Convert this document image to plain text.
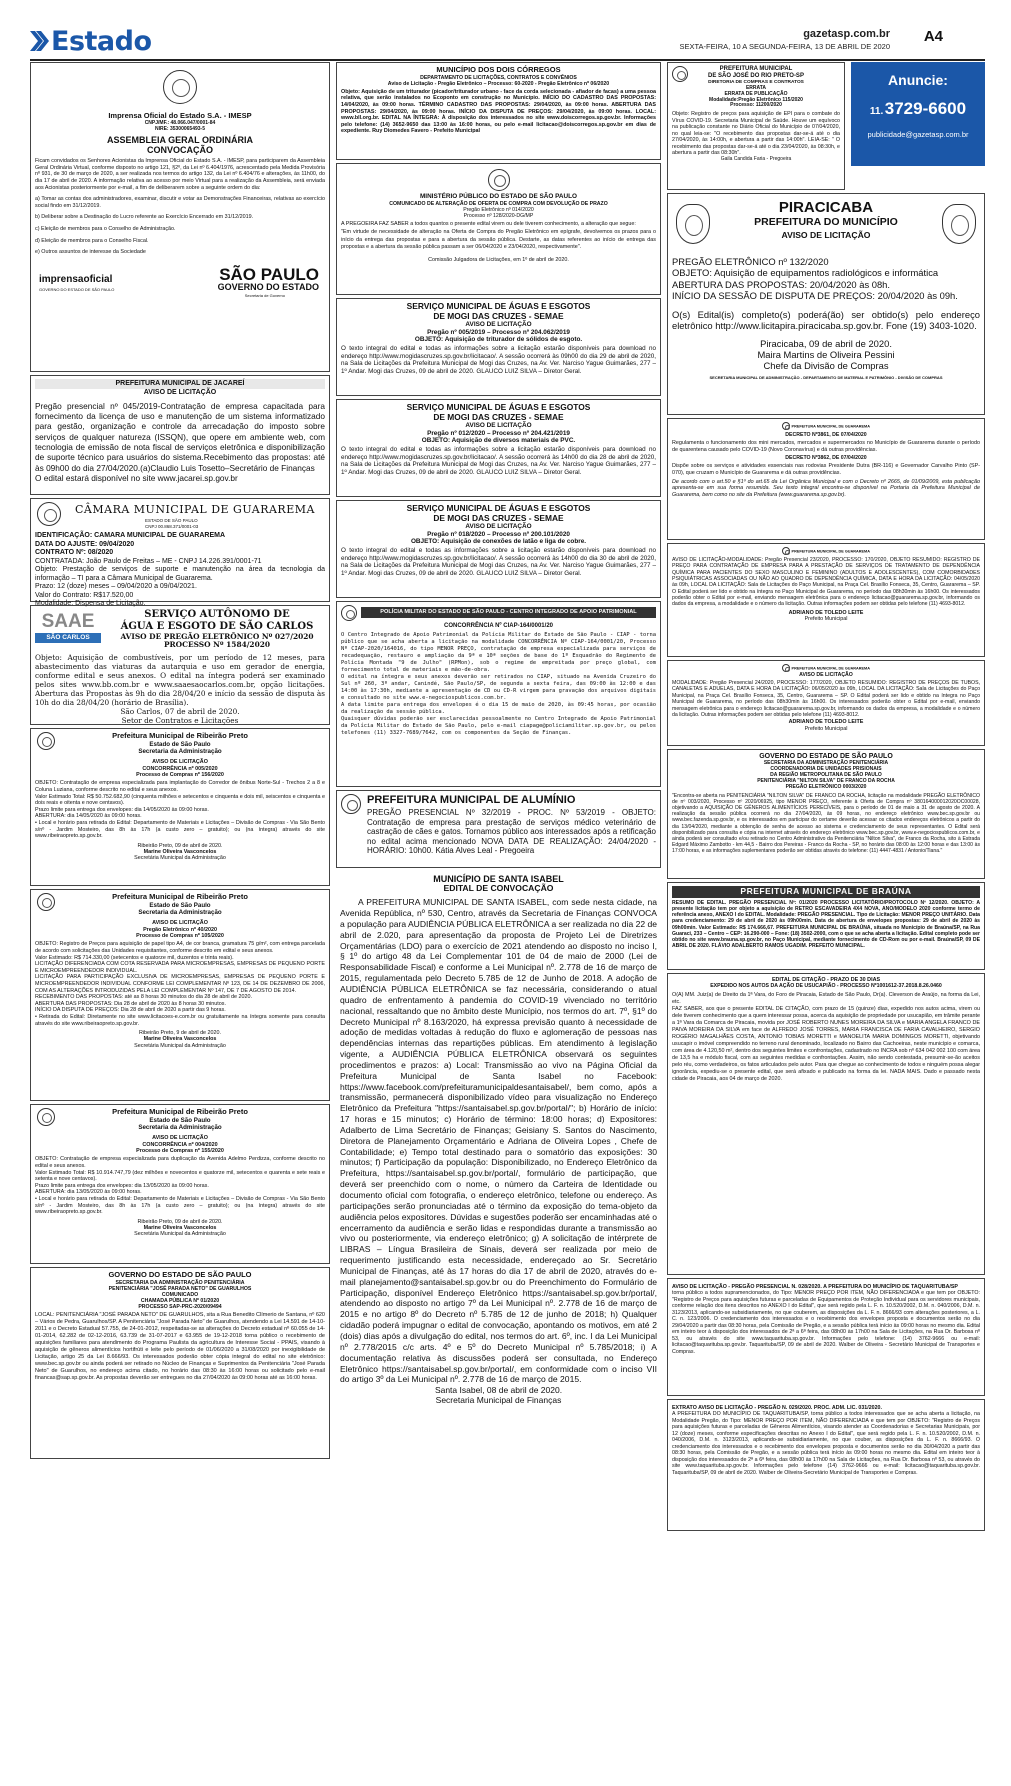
Estado	gazetasp.com.br
SEXTA-FEIRA, 10 A SEGUNDA-FEIRA, 13 DE ABRIL DE 2020
A4
Imprensa Oficial do Estado S.A. - IMESP
CNPJ/MF.: 48.066.047/0001-84
NIRE: 35300065493-5
ASSEMBLEIA GERAL ORDINÁRIA
CONVOCAÇÃO
Ficam convidados os Senhores Acionistas da Imprensa Oficial do Estado S.A. - IMESP, para participarem da Assembleia Geral Ordinária Virtual, conforme disposto no artigo 121, §2º, da Lei nº 6.404/1976, acrescentado pela Medida Provisória nº 931, de 30 de março de 2020, a ser realizada nos termos do artigo 132, da Lei nº 6.404/76 e alterações, às 11h00, do dia 17 de abril de 2020. A informação relativa ao acesso por meio Virtual para a realização da Assembleia, será enviada aos Acionistas posteriormente por e-mail, a fim de deliberarem sobre a seguinte ordem do dia:
a) Tomar as contas dos administradores, examinar, discutir e votar as Demonstrações Financeiras, relativas ao exercício social findo em 31/12/2019.
b) Deliberar sobre a Destinação do Lucro referente ao Exercício Encerrado em 31/12/2019.
c) Eleição de membros para o Conselho de Administração.
d) Eleição de membros para o Conselho Fiscal.
e) Outros assuntos de interesse da Sociedade
imprensaoficial
GOVERNO DO ESTADO DE SÃO PAULO
SÃO PAULO
GOVERNO DO ESTADO
Secretaria de Governo
PREFEITURA MUNICIPAL DE JACAREÍ
AVISO DE LICITAÇÃO
Pregão presencial nº 045/2019-Contratação de empresa capacitada para fornecimento da licença de uso e manutenção de um sistema informatizado para gestão, organização e controle da arrecadação do imposto sobre serviços de qualquer natureza (ISSQN), que opere em ambiente web, com tecnologia de emissão de nota fiscal de serviços eletrônica e disponibilização de suporte técnico para usuários do sistema.Recebimento das propostas: até às 09h00 do dia 27/04/2020.(a)Claudio Luis Tosetto–Secretário de Finanças
O edital estará disponível no site www.jacarei.sp.gov.br
CÂMARA MUNICIPAL DE GUARAREMA
ESTADO DE SÃO PAULO
CNPJ 00.868.371/0001-03
IDENTIFICAÇÃO: CAMARA MUNICIPAL DE GUARAREMA
DATA DO AJUSTE: 09/04/2020
CONTRATO Nº: 08/2020
CONTRATADA: João Paulo de Freitas – ME - CNPJ 14.226.391/0001-71
Objeto: Prestação de serviços de suporte e manutenção na área da tecnologia da informação – TI para a Câmara Municipal de Guararema.
Prazo: 12 (doze) meses – 09/04/2020 a 09/04/2021.
Valor do Contrato: R$17.520,00
Modalidade: Dispensa de Licitação.
SAAE
SÃO CARLOS
SERVIÇO AUTÔNOMO DE
ÁGUA E ESGOTO DE SÃO CARLOS
AVISO DE PREGÃO ELETRÔNICO Nº 027/2020
PROCESSO Nº 1584/2020
Objeto: Aquisição de combustíveis, por um período de 12 meses, para abastecimento das viaturas da autarquia e uso em gerador de energia, conforme edital e seus anexos. O edital na íntegra poderá ser examinado pelos sites www.bb.com.br e www.saaesaocarlos.com.br, opção licitações. Abertura das Propostas às 9h do dia 28/04/20 e início da sessão de disputa às 10h do dia 28/04/20 (horário de Brasília).
São Carlos, 07 de abril de 2020.
Setor de Contratos e Licitações
Prefeitura Municipal de Ribeirão Preto
Estado de São Paulo
Secretaria da Administração
AVISO DE LICITAÇÃO
CONCORRÊNCIA nº 005/2020
Processo de Compras nº 156/2020
OBJETO: Contratação de empresa especializada para implantação do Corredor de ônibus Norte-Sul - Trechos 2 a 8 e Coluna Luziana, conforme descrito no edital e seus anexos.
Valor Estimado Total: R$ 50.752.682,90 (cinquenta milhões e setecentos e cinquenta e dois mil, seiscentos e cinquenta e dois reais e oitenta e nove centavos).
Prazo limite para entrega dos envelopes: dia 14/05/2020 às 09:00 horas.
ABERTURA: dia 14/05/2020 às 09:00 horas.
• Local e horário para retirada do Edital: Departamento de Materiais e Licitações – Divisão de Compras - Via São Bento s/nº - Jardim Mosteiro, das 8h às 17h (a custo zero – gratuito); ou (na íntegra) através do site www.ribeiraopreto.sp.gov.br.
Ribeirão Preto, 09 de abril de 2020.
Marine Oliveira Vasconcelos
Secretária Municipal da Administração
Prefeitura Municipal de Ribeirão Preto
Estado de São Paulo
Secretaria da Administração
AVISO DE LICITAÇÃO
Pregão Eletrônico nº 40/2020
Processo de Compras nº 105/2020
OBJETO: Registro de Preços para aquisição de papel tipo A4, de cor branca, gramatura 75 g/m², com entrega parcelada de acordo com solicitações das Unidades requisitantes, conforme descrito em edital e seus anexos.
Valor Estimado: R$ 714.330,00 (setecentos e quatorze mil, duzentos e trinta reais).
LICITAÇÃO DIFERENCIADA COM COTA RESERVADA PARA MICROEMPRESAS, EMPRESAS DE PEQUENO PORTE E MICROEMPREENDEDOR INDIVIDUAL.
LICITAÇÃO PARA PARTICIPAÇÃO EXCLUSIVA DE MICROEMPRESAS, EMPRESAS DE PEQUENO PORTE E MICROEMPREENDEDOR INDIVIDUAL CONFORME LEI COMPLEMENTAR Nº 123, DE 14 DE DEZEMBRO DE 2006, COM AS ALTERAÇÕES INTRODUZIDAS PELA LEI COMPLEMENTAR Nº 147, DE 7 DE AGOSTO DE 2014.
RECEBIMENTO DAS PROPOSTAS: até as 8 horas 30 minutos do dia 28 de abril de 2020.
ABERTURA DAS PROPOSTAS: Dia 28 de abril de 2020 às 8 horas 30 minutos.
INÍCIO DA DISPUTA DE PREÇOS: Dia 28 de abril de 2020 a partir das 9 horas.
• Retirada do Edital: Diretamente no site www.licitacoes-e.com.br ou gratuitamente na íntegra somente para consulta através do site www.ribeiraopreto.sp.gov.br.
Ribeirão Preto, 9 de abril de 2020.
Marine Oliveira Vasconcelos
Secretária Municipal da Administração
Prefeitura Municipal de Ribeirão Preto
Estado de São Paulo
Secretaria da Administração
AVISO DE LICITAÇÃO
CONCORRÊNCIA nº 004/2020
Processo de Compras nº 155/2020
OBJETO: Contratação de empresa especializada para duplicação da Avenida Adelmo Perdizza, conforme descrito no edital e seus anexos.
Valor Estimado Total: R$ 10.914.747,79 (dez milhões e novecentos e quatorze mil, setecentos e quarenta e sete reais e setenta e nove centavos).
Prazo limite para entrega dos envelopes: dia 13/05/2020 às 09:00 horas.
ABERTURA: dia 13/05/2020 às 09:00 horas.
• Local e horário para retirada do Edital: Departamento de Materiais e Licitações – Divisão de Compras - Via São Bento s/nº - Jardim Mosteiro, das 8h às 17h (a custo zero – gratuito); ou (na íntegra) através do site www.ribeiraopreto.sp.gov.br.
Ribeirão Preto, 09 de abril de 2020.
Marine Oliveira Vasconcelos
Secretária Municipal da Administração
GOVERNO DO ESTADO DE SÃO PAULO
SECRETARIA DA ADMINISTRAÇÃO PENITENCIÁRIA
PENITENCIÁRIA "JOSÉ PARADA NETO" DE GUARULHOS
COMUNICADO
CHAMADA PÚBLICA Nº 01/2020
PROCESSO SAP-PRC-2020/09494
LOCAL: PENITENCIÁRIA "JOSÉ PARADA NETO" DE GUARULHOS, sita a Rua Benedito Clímerio de Santana, nº 620 – Vários de Pedra, Guarulhos/SP. A Penitenciária "José Parada Neto" de Guarulhos, atendendo a Lei 14.591 de 14-10-2011 e o Decreto Estadual 57.755, de 24-01-2012, respeitadas-se as alterações do Decreto estadual nº 60.055 de 14-01-2014, 62.282 de 02-12-2016, 63.739 de 31-07-2017 e 63.955 de 19-12-2018 torna público o recebimento de aquisições familiares para atendimento do Programa Paulista da agricultura de Interesse Social - PPAIS, visando à aquisição de gêneros alimentícios hortifrúti e leite pelo período de 01/06/2020 a 31/08/2020 por inexigibilidade de Licitação, artigo 25 da Lei 8.666/93. Os interessados poderão obter cópia integral do edital no site eletrônico: www.bec.sp.gov.br ou ainda poderá ser retirado no Núcleo de Finanças e Suprimentos da Penitenciária "José Parada Neto" de Guarulhos, no endereço acima citado, no horário das 08:30 às 16:00 horas ou solicitado pelo e-mail financas@sap.sp.gov.br. As propostas deverão ser entregues no dia 27/04/2020 às 09:00 horas até as 16:00 horas.
MUNICÍPIO DOS DOIS CÓRREGOS
DEPARTAMENTO DE LICITAÇÕES, CONTRATOS E CONVÊNIOS
Aviso de Licitação - Pregão Eletrônico – Processo: 60-2020 - Pregão Eletrônico nº 06/2020
Objeto: Aquisição de um triturador (picador/triturador urbano - face da corda selecionada - afiador de facas) a uma pessoa relativa, que serão instalados no Ecoponto em construção no Município. INÍCIO DO CADASTRO DAS PROPOSTAS: 14/04/2020, às 09:00 horas. TÉRMINO CADASTRO DAS PROPOSTAS: 29/04/2020, às 09:00 horas. ABERTURA DAS PROPOSTAS: 29/04/2020, às 09:00 horas. INÍCIO DA DISPUTA DE PREÇOS: 29/04/2020, às 09:00 horas. LOCAL: www.bll.org.br. EDITAL NA ÍNTEGRA: À disposição dos interessados no site www.doiscorregos.sp.gov.br. Informações pelo telefone: (14) 3652-9650 das 13:00 às 16:00 horas, ou pelo e-mail licitacao@doiscorregos.sp.gov.br em dias de expediente. Ruy Diomedes Favero - Prefeito Municipal
MINISTÉRIO PÚBLICO DO ESTADO DE SÃO PAULO
COMUNICADO DE ALTERAÇÃO DE OFERTA DE COMPRA COM DEVOLUÇÃO DE PRAZO
Pregão Eletrônico nº 014/2020
Processo nº 128/2020-DG/MP
A PREGOEIRA FAZ SABER a todos quantos o presente edital virem ou dele tiverem conhecimento, a alteração que segue:
"Em virtude de necessidade de alteração na Oferta de Compra do Pregão Eletrônico em epígrafe, devolvemos os prazos para o início da entrega das propostas e para a abertura da sessão pública. Destarte, as datas referentes ao início de entrega das propostas e a abertura da sessão pública passam a ser 06/04/2020 e 23/04/2020, respectivamente".
Comissão Julgadora de Licitações, em 1º de abril de 2020.
SERVIÇO MUNICIPAL DE ÁGUAS E ESGOTOS
DE MOGI DAS CRUZES - SEMAE
AVISO DE LICITAÇÃO
Pregão nº 005/2019 – Processo nº 204.062/2019
OBJETO: Aquisição de triturador de sólidos de esgoto.
O texto integral do edital e todas as informações sobre a licitação estarão disponíveis para download no endereço http://www.mogidascruzes.sp.gov.br/licitacao/. A sessão ocorrerá às 09h00 do dia 29 de abril de 2020, na Sala de Licitações da Prefeitura Municipal de Mogi das Cruzes, na Av. Ver. Narciso Yague Guimarães, 277 – 1º Andar. Mogi das Cruzes, 09 de abril de 2020. GLAUCO LUIZ SILVA – Diretor Geral.
SERVIÇO MUNICIPAL DE ÁGUAS E ESGOTOS
DE MOGI DAS CRUZES - SEMAE
AVISO DE LICITAÇÃO
Pregão nº 012/2020 – Processo nº 204.421/2019
OBJETO: Aquisição de diversos materiais de PVC.
O texto integral do edital e todas as informações sobre a licitação estarão disponíveis para download no endereço http://www.mogidascruzes.sp.gov.br/licitacao/. A sessão ocorrerá às 14h00 do dia 28 de abril de 2020, na Sala de Licitações da Prefeitura Municipal de Mogi das Cruzes, na Av. Ver. Narciso Yague Guimarães, 277 – 1º Andar. Mogi das Cruzes, 09 de abril de 2020. GLAUCO LUIZ SILVA – Diretor Geral.
SERVIÇO MUNICIPAL DE ÁGUAS E ESGOTOS
DE MOGI DAS CRUZES - SEMAE
AVISO DE LICITAÇÃO
Pregão nº 018/2020 – Processo nº 200.101/2020
OBJETO: Aquisição de conexões de latão e liga de cobre.
O texto integral do edital e todas as informações sobre a licitação estarão disponíveis para download no endereço http://www.mogidascruzes.sp.gov.br/licitacao/. A sessão ocorrerá às 14h00 do dia 30 de abril de 2020, na Sala de Licitações da Prefeitura Municipal de Mogi das Cruzes, na Av. Ver. Narciso Yague Guimarães, 277 – 1º Andar. Mogi das Cruzes, 09 de abril de 2020. GLAUCO LUIZ SILVA – Diretor Geral.
POLÍCIA MILITAR DO ESTADO DE SÃO PAULO - CENTRO INTEGRADO DE APOIO PATRIMONIAL
CONCORRÊNCIA Nº CIAP-164/0001/20
O Centro Integrado de Apoio Patrimonial da Polícia Militar do Estado de São Paulo - CIAP - torna público que se acha aberta a licitação na modalidade CONCORRÊNCIA Nº CIAP-164/0001/20, Processo Nº CIAP-2020/164016, do tipo MENOR PREÇO, contratação de empresa especializada para serviços de recadequação, restauro e ampliação da 9ª e 10ª seções de base do 1º Esquadrão do Regimento de Polícia Montada "9 de Julho" (RPMon), sob o regime de empreitada por preço global, com fornecimento total de materiais e mão-de-obra.
O edital na íntegra e seus anexos deverão ser retirados no CIAP, situado na Avenida Cruzeiro do Sul nº 260, 3º andar, Canindé, São Paulo/SP, de segunda a sexta feira, das 09:00 às 12:00 e das 14:00 às 17:30h, mediante a apresentação de CD ou CD-R virgem para gravação dos arquivos digitais e consultado no site www.e-negociospublicos.com.br.
A data limite para entrega dos envelopes é o dia 15 de maio de 2020, às 09:45 horas, por ocasião da realização da sessão pública.
Quaisquer dúvidas poderão ser esclarecidas pessoalmente no Centro Integrado de Apoio Patrimonial da Polícia Militar do Estado de São Paulo, pelo e-mail ciapage@policiamilitar.sp.gov.br, ou pelos telefones (11) 3327-7689/7642, com os componentes da Seção de Finanças.
PREFEITURA MUNICIPAL DE ALUMÍNIO
PREGÃO PRESENCIAL Nº 32/2019 - PROC. Nº 53/2019 - OBJETO: Contratação de empresa para prestação de serviços médico veterinário de castração de cães e gatos. Tornamos público aos interessados após a retificação no edital acima mencionado NOVA DATA DE REALIZAÇÃO: 24/04/2020 - HORÁRIO: 10h00. Kátia Alves Leal - Pregoeira
MUNICÍPIO DE SANTA ISABEL
EDITAL DE CONVOCAÇÃO
A PREFEITURA MUNICIPAL DE SANTA ISABEL, com sede nesta cidade, na Avenida República, nº 530, Centro, através da Secretaria de Finanças CONVOCA a população para AUDIÊNCIA PÚBLICA ELETRÔNICA a ser realizada no dia 22 de abril de 2.020, para apresentação da proposta de Projeto Lei de Diretrizes Orçamentárias (LDO) para o exercício de 2021 atendendo ao disposto no inciso I, § 1º do artigo 48 da Lei Complementar 101 de 04 de maio de 2000 (Lei de Responsabilidade Fiscal) e conforme a Lei Municipal nº. 2.778 de 16 de março de 2015, regulamentada pelo Decreto 5.785 de 12 de Junho de 2018. A adoção de AUDIÊNCIA PÚBLICA ELETRÔNICA se faz necessária, considerando o atual quadro de enfrentamento à pandemia do COVID-19 vivenciado no território nacional, ressaltando que no âmbito deste Município, nos termos do art. 7º, §1º do Decreto Municipal nº 8.163/2020, há expressa previsão quanto à necessidade de adoção de medidas voltadas à redução do fluxo e aglomeração de pessoas nas dependências internas das repartições públicas. Em atendimento à legislação vigente, a AUDIÊNCIA PÚBLICA ELETRÔNICA observará os seguintes procedimentos e prazos: a) Local: Transmissão ao vivo na Página Oficial da Prefeitura Municipal de Santa Isabel no Facebook: https://www.facebook.com/prefeituramunicipaldesantaisabel/, bem como, após a transmissão, permanecerá disponibilizado vídeo para visualização no Endereço Eletrônico da Prefeitura "https://santaisabel.sp.gov.br/portal/"; b) Horário de início: 17 horas e 15 minutos; c) Horário de término: 18:00 horas; d) Expositores: Adalberto de Lima Secretário de Finanças; Geisiany S. Santos do Nascimento, Diretora de Planejamento Orçamentário e Adriana de Oliveira Lopes , Chefe de Contabilidade; e) Tempo total destinado para o somatório das exposições: 30 minutos; f) Participação da população: Disponibilizado, no Endereço Eletrônico da Prefeitura, https://santaisabel.sp.gov.br/portal/, formulário de participação, que deverá ser preenchido com o nome, o número da Carteira de Identidade ou documento oficial com fotografia, o endereço eletrônico, telefone ou endereço. As participações serão pronunciadas até o término da exposição do tema-objeto da audiência pelos expositores. Dúvidas e sugestões poderão ser encaminhadas até o encerramento da audiência e serão lidas e respondidas durante a transmissão ao vivo ou posteriormente, via endereço eletrônico; g) A solicitação de intérprete de LIBRAS – Língua Brasileira de Sinais, deverá ser realizada por meio de requerimento justificando esta necessidade, endereçado ao Sr. Secretário Municipal de Finanças, até às 17 horas do dia 17 de abril de 2020, através do e-mail planejamento@santaisabel.sp.gov.br ou do Preenchimento do Formulário de Participação, disponível Endereço Eletrônico https://santaisabel.sp.gov.br/portal/, atendendo ao disposto no artigo 7º da Lei Municipal nº. 2.778 de 16 de março de 2015 e no artigo 8º do Decreto nº 5.785 de 12 de junho de 2018; h) Qualquer cidadão poderá impugnar o edital de convocação, apontando os motivos, em até 2 (dois) dias após a divulgação do edital, nos termos do art. 6º, inc. I da Lei Municipal nº 2.778/2015 c/c arts. 4º e 5º do Decreto Municipal nº 5.785/2018; i) A documentação relativa às discussões poderá ser consultada, no Endereço Eletrônico https://santaisabel.sp.gov.br/portal/, em conformidade com o inciso VII do artigo 3º da Lei Municipal nº. 2.778 de 16 de março de 2015.
Santa Isabel, 08 de abril de 2020.
Secretaria Municipal de Finanças
PREFEITURA MUNICIPAL
DE SÃO JOSÉ DO RIO PRETO-SP
DIRETORIA DE COMPRAS E CONTRATOS
ERRATA
ERRATA DE PUBLICAÇÃO
Modalidade:Pregão Eletrônico 115/2020
Processo: 11200/2020
Objeto: Registro de preços para aquisição de EPI para o combate do Vírus COVID-19. Secretaria Municipal de Saúde. Houve um equívoco na publicação constante no Diário Oficial do Município de 07/04/2020, no qual leia-se: "O recebimento das propostas dar-se-á até o dia 27/04/2020, às 14:00h, e abertura a partir das 14:00h". LEIA-SE: " O recebimento das propostas dar-se-á até o dia 23/04/2020, às 08:30h, e abertura a partir das 08:30h".
Gaila Candida Faria - Pregoeira
Anuncie:
11. 3729-6600
publicidade@gazetasp.com.br
PIRACICABA
PREFEITURA DO MUNICÍPIO
AVISO DE LICITAÇÃO
PREGÃO ELETRÔNICO nº 132/2020
OBJETO: Aquisição de equipamentos radiológicos e informática
ABERTURA DAS PROPOSTAS: 20/04/2020 às 08h.
INÍCIO DA SESSÃO DE DISPUTA DE PREÇOS: 20/04/2020 às 09h.
O(s) Edital(is) completo(s) poderá(ão) ser obtido(s) pelo endereço eletrônico http://www.licitapira.piracicaba.sp.gov.br. Fone (19) 3403-1020.
Piracicaba, 09 de abril de 2020.
Maira Martins de Oliveira Pessini
Chefe da Divisão de Compras
SECRETARIA MUNICIPAL DE ADMINISTRAÇÃO - DEPARTAMENTO DE MATERIAL E PATRIMÔNIO - DIVISÃO DE COMPRAS
PREFEITURA MUNICIPAL DE GUARAREMA
DECRETO Nº3861, DE 07/04/2020
Regulamenta o funcionamento dos mini mercados, mercados e supermercados no Município de Guararema durante o período de quarentena causado pelo COVID-19 (Novo Coronavírus) e dá outras providências.
DECRETO Nº3862, DE 07/04/2020
Dispõe sobre os serviços e atividades essenciais nas rodovias Presidente Dutra (BR-116) e Governador Carvalho Pinto (SP-070), que cruzam o Município de Guararema e dá outras providências.
De acordo com o art.50 e §1º do art.65 da Lei Orgânica Municipal e com o Decreto nº 2665, de 01/09/2009, esta publicação apresenta-se em sua forma resumida. Seu texto integral encontra-se disponível na Portaria da Prefeitura Municipal de Guararema, bem como no site da Prefeitura (www.guararema.sp.gov.br).
PREFEITURA MUNICIPAL DE GUARAREMA
AVISO DE LICITAÇÃO-MODALIDADE: Pregão Presencial 23/2020, PROCESSO: 170/2020, OBJETO RESUMIDO: REGISTRO DE PREÇO PARA CONTRATAÇÃO DE EMPRESA PARA A PRESTAÇÃO DE SERVIÇOS DE TRATAMENTO DE DEPENDÊNCIA QUÍMICA PARA PACIENTES DO SEXO MASCULINO E FEMININO (ADULTOS E ADOLESCENTES), COM COMORBIDADES PSIQUIÁTRICAS ASSOCIADAS OU NÃO AO QUADRO DE DEPENDÊNCIA QUÍMICA, DATA E HORA DA LICITAÇÃO: 04/05/2020 às 09h, LOCAL DA LICITAÇÃO: Sala de Licitações do Paço Municipal, na Praça Cel. Brasílio Fonseca, 35, Centro, Guararema – SP. O Edital poderá ser lido e obtido na íntegra no Paço Municipal de Guararema, no período das 08h30min às 16h00. Os interessados poderão obter o Edital por e-mail, enviando mensagem eletrônica para o endereço licitacao@guararema.sp.gov.br, informando os dados da empresa, a modalidade e o número da licitação. Outras informações podem ser obtidas pelo telefone (11) 4693-8012.
ADRIANO DE TOLEDO LEITE
Prefeito Municipal
PREFEITURA MUNICIPAL DE GUARAREMA
AVISO DE LICITAÇÃO
MODALIDADE: Pregão Presencial 24/2020, PROCESSO: 177/2020, OBJETO RESUMIDO: REGISTRO DE PREÇOS DE TUBOS, CANALETAS E ADUELAS, DATA E HORA DA LICITAÇÃO: 06/05/2020 às 09h, LOCAL DA LICITAÇÃO: Sala de Licitações do Paço Municipal, na Praça Cel. Brasílio Fonseca, 35, Centro, Guararema – SP. O Edital poderá ser lido e obtido na íntegra no Paço Municipal de Guararema, no período das 08h30min às 16h00. Os interessados poderão obter o Edital por e-mail, enviando mensagem eletrônica para o endereço licitacao@guararema.sp.gov.br, informando os dados da empresa, a modalidade e o número da licitação. Outras informações podem ser obtidas pelo telefone (11) 4693-8012.
ADRIANO DE TOLEDO LEITE
Prefeito Municipal
GOVERNO DO ESTADO DE SÃO PAULO
SECRETARIA DA ADMINISTRAÇÃO PENITENCIÁRIA
COORDENADORIA DE UNIDADES PRISIONAIS
DA REGIÃO METROPOLITANA DE SÃO PAULO
PENITENCIÁRIA "NILTON SILVA" DE FRANCO DA ROCHA
PREGÃO ELETRÔNICO 0003/2020
"Encontra-se aberta na PENITENCIÁRIA "NILTON SILVA" DE FRANCO DA ROCHA, licitação na modalidade PREGÃO ELETRÔNICO de nº 003/2020, Processo nº 2020/06925, tipo MENOR PREÇO, referente à Oferta de Compra nº 380164000012020OC00028, objetivando a AQUISIÇÃO DE GÊNEROS ALIMENTÍCIOS PERECÍVEIS, para o período de 01 de maio a 31 de agosto de 2020. A realização da sessão pública ocorrerá no dia 27/04/2020, às 09 horas, no endereço eletrônico www.bec.sp.gov.br ou www.bec.fazenda.sp.gov.br, e os interessados em participar do certame deverão acessar os citados endereços eletrônicos a partir do dia 13/04/2020, mediante a obtenção de senha de acesso ao sistema e credenciamento de seus representantes. O Edital será disponibilizado para consulta e cópia na internet através do endereço eletrônico www.bec.sp.gov.br, www.e-negociospublicos.com.br, e ainda poderá ser consultado e/ou retirado no Centro Administrativo da Penitenciária "Nilton Silva", de Franco da Rocha, sito à Estrada Edgard Máximo Zambotto - km 44,5 - Bairro dos Pereiras - Franco da Rocha - SP, no horário das 08:00 às 12:00 horas e das 13:00 às 17:00 horas, e as informações suplementares poderão ser obtidas através do telefone: (11) 4447-4831 / Antonio/Tiana."
PREFEITURA MUNICIPAL DE BRAÚNA
RESUMO DE EDITAL. PREGÃO PRESENCIAL Nº: 01/2020 PROCESSO LICITATÓRIO/PROTOCOLO Nº 12/2020. OBJETO: A presente licitação tem por objeto a aquisição de RETRO ESCAVADEIRA 4X4 NOVA, ANO/MODELO 2020 conforme termo de referência anexo, ANEXO I do EDITAL. Modalidade: PREGÃO PRESENCIAL. Tipo de Licitação: MENOR PREÇO UNITÁRIO. Data para credenciamento: 29 de abril de 2020 às 09h00min. Data de abertura de envelopes propostas: 29 de abril de 2020 às 09h00min. Valor Estimado: R$ 174.666,67. PREFEITURA MUNICIPAL DE BRAÚNA, situada no Município de Braúna/SP, na Rua Guaraci, 233 – Centro – CEP: 16.290-000 – Fone: (18) 3502-2000, com o que se acha aberta a licitação. Edital completo pode ser obtido no site www.brauna.sp.gov.br, no Paço Municipal, mediante fornecimento de CD-Rom ou por e-mail. Braúna/SP, 09 DE ABRIL DE 2020. FLÁVIO ADALBERTO RAMOS UGADIM. PREFEITO MUNICIPAL.
EDITAL DE CITAÇÃO - PRAZO DE 30 DIAS
EXPEDIDO NOS AUTOS DA AÇÃO DE USUCAPIÃO - PROCESSO Nº1001612-37.2018.8.26.0460
O(A) MM. Juiz(a) de Direito da 1ª Vara, do Foro de Piracaia, Estado de São Paulo, Dr(a). Cleverson de Araújo, na forma da Lei, etc.
FAZ SABER, aos que o presente EDITAL DE CITAÇÃO, com prazo de 15 (quinze) dias, expedido nos autos acima, virem ou dele tiverem conhecimento que a quem interessar possa, acerca da aquisição de propriedade por usucapião, em trâmite perante a 1ª Vara da Comarca de Piracaia, movida por JOSÉ ROBERTO NUNES MOREIRA DA SILVA e MARIA ANGELA FRANCO DE PAIVA MOREIRA DA SILVA em face de ALFREDO JOSÉ TORRES, MARIA FRANCISCA DE FARIA CAVALHEIRO, SERGIO ROGÉRIO MAGALHÃES COSTA, ANTONIO TOBIAS MORETTI e MANOELITA MARIA DOMINGOS MORETTI, objetivando usucapir o imóvel compreendido no terreno rural denominado, localizado no Bairro das Cachoeiras, neste município e comarca, com área de 4.120,50 m², dentro dos seguintes limites e confrontações, cadastrado no INCRA sob nº 634 042 002 100 com área de 13,5 ha e módulo fiscal, com as seguintes medidas e confrontações. Assim, não sendo contestada, presumir-se-ão aceitos pelo réu, como verdadeiros, os fatos articulados pelo autor. Para que chegue ao conhecimento de todos e ninguém possa alegar ignorância, expediu-se o presente edital, que será afixado e publicado na forma da lei. NADA MAIS. Dado e passado nesta cidade de Piracaia, aos 04 de março de 2020.
AVISO DE LICITAÇÃO - PREGÃO PRESENCIAL N. 028/2020. A PREFEITURA DO MUNICÍPIO DE TAQUARITUBA/SP
torna público a todos supramencionados, do Tipo: MENOR PREÇO POR ITEM, NÃO DIFERENCIADA e que tem por OBJETO: "Registro de Preços para aquisições futuras e parceladas de Equipamentos de Proteção Individual para os servidores municipais, conforme relação dos itens descritos no ANEXO I do Edital", que será regido pela L. F. n. 10.520/2002, D.M. n. 040/2006, D.M. n. 3123/2013, aplicando-se subsidiariamente, no que couberem, as disposições da L. F. n. 8666/93 com alterações posteriores, a L. C. n. 123/2006. O credenciamento dos interessados e o recebimento dos envelopes proposta e documentos serão no dia 29/04/2020 a partir das 08:30 horas, pela Comissão de Pregão, e a sessão pública terá início às 09:00 horas no mesmo dia. Edital em inteiro teor à disposição dos interessados de 2ª a 6ª feira, das 08h00 às 17h00 na Sala de Licitações, na Rua Dr. Barbosa nº 53, ou através do site www.taquarituba.sp.gov.br. Informações pelo telefone: (14) 3762-9666 ou e-mail: licitacao@taquarituba.sp.gov.br. Taquarituba/SP, 09 de abril de 2020. Walber de Oliveira - Secretário Municipal de Transportes e Compras.
EXTRATO AVISO DE LICITAÇÃO - PREGÃO N. 029/2020. PROC. ADM. LIC. 031/2020.
A PREFEITURA DO MUNICÍPIO DE TAQUARITUBA/SP, torna público a todos interessados que se acha aberta a licitação, na Modalidade Pregão, do Tipo: MENOR PREÇO POR ITEM, NÃO DIFERENCIADA e que tem por OBJETO: "Registro de Preços para aquisições futuras e parceladas de Gêneros Alimentícios, visando atender as Coordenadorias e Secretarias Municipais, por 12 (doze) meses, conforme especificações descritas no Anexo I do Edital", que será regido pela L. F. n. 10.520/2002, D.M. n. 040/2006, D.M. n. 3123/2013, aplicando-se subsidiariamente, no que couber, as disposições da L. F. n. 8666/93. O credenciamento dos interessados e o recebimento dos envelopes proposta e documentos serão no dia 30/04/2020 a partir das 08:30 horas, pela Comissão de Pregão, e a sessão pública terá início às 09:00 horas no mesmo dia. Edital em inteiro teor à disposição dos interessados de 2ª a 6ª feira, das 08h00 às 17h00 na Sala de Licitações, na Rua Dr. Barbosa nº 53, ou através do site www.taquarituba.sp.gov.br. Informações pelo telefone (14) 3762-9666 ou e-mail: licitacao@taquarituba.sp.gov.br. Taquarituba/SP, 09 de abril de 2020. Walber de Oliveira-Secretário Municipal de Transportes e Compras.
